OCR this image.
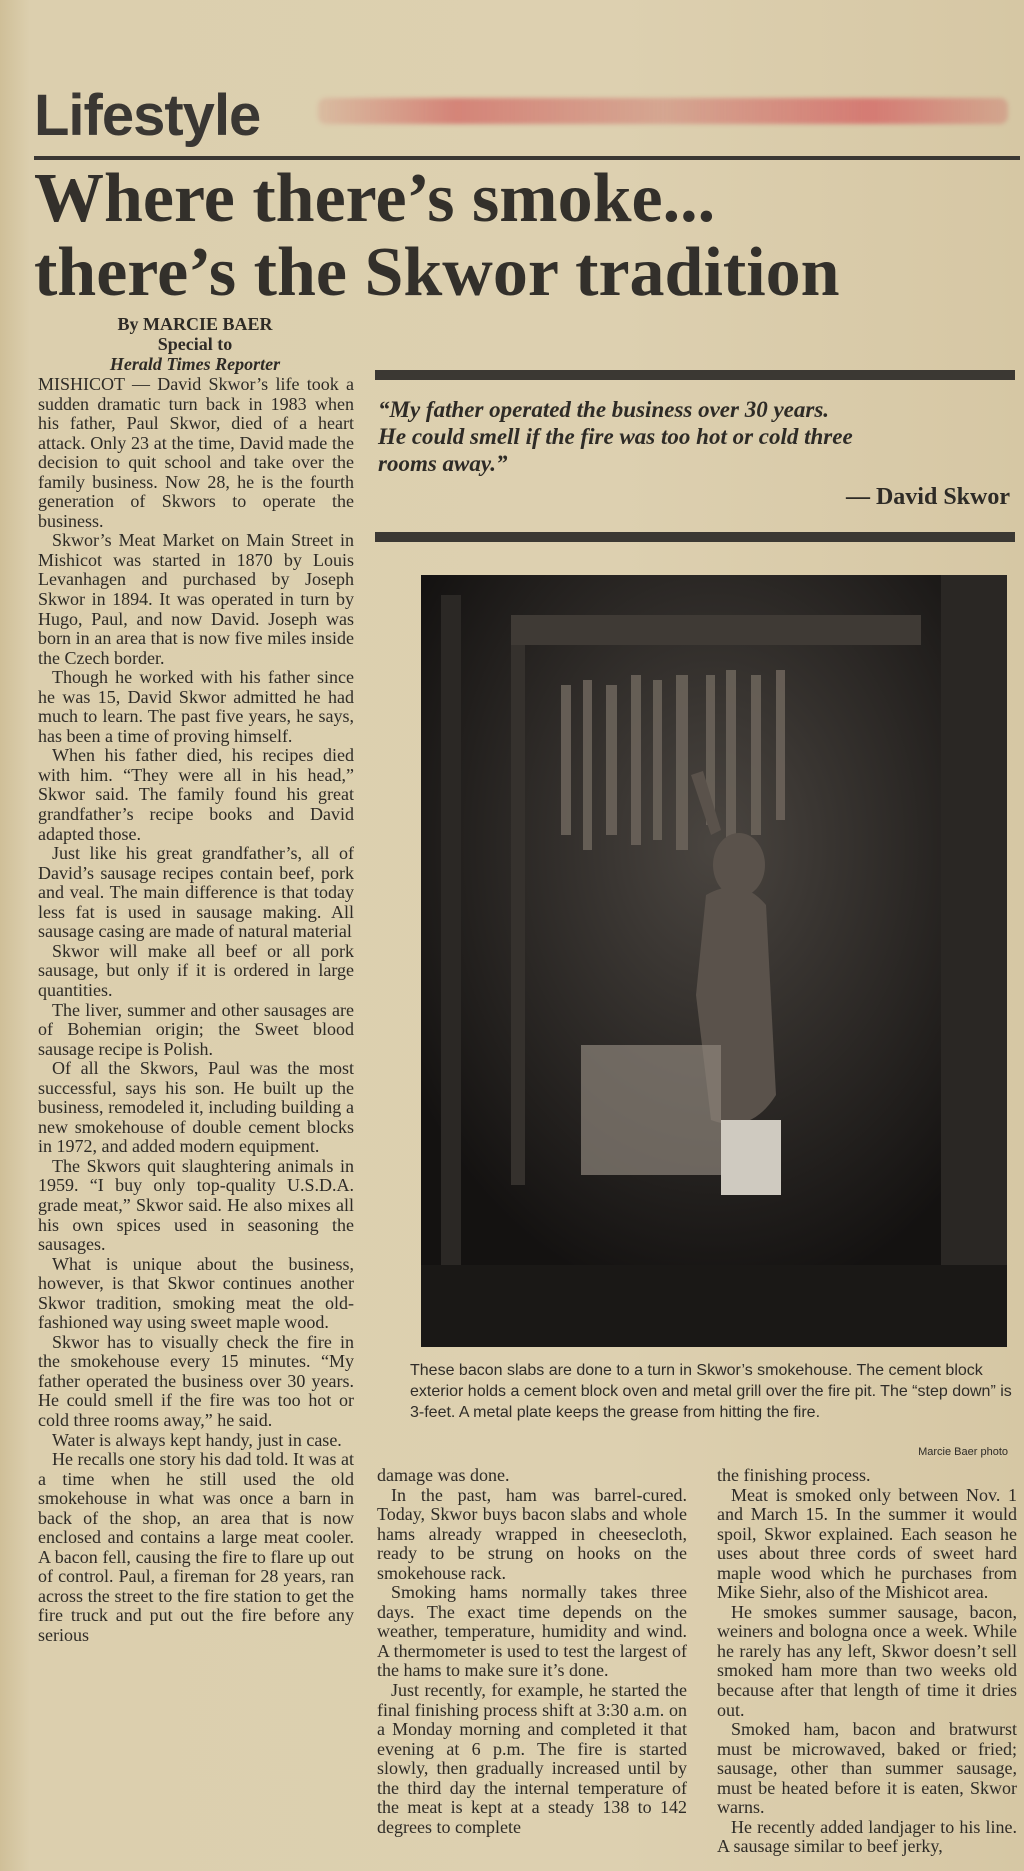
Lifestyle
Where there’s smoke...
there’s the Skwor tradition
By MARCIE BAER
Special to
Herald Times Reporter

MISHICOT — David Skwor’s life took a sudden dramatic turn back in 1983 when his father, Paul Skwor, died of a heart attack. Only 23 at the time, David made the decision to quit school and take over the family business. Now 28, he is the fourth generation of Skwors to operate the business.

Skwor’s Meat Market on Main Street in Mishicot was started in 1870 by Louis Levanhagen and purchased by Joseph Skwor in 1894. It was operated in turn by Hugo, Paul, and now David. Joseph was born in an area that is now five miles inside the Czech border.

Though he worked with his father since he was 15, David Skwor admitted he had much to learn. The past five years, he says, has been a time of proving himself.

When his father died, his recipes died with him. “They were all in his head,” Skwor said. The family found his great grandfather’s recipe books and David adapted those.

Just like his great grandfather’s, all of David’s sausage recipes contain beef, pork and veal. The main difference is that today less fat is used in sausage making. All sausage casing are made of natural material

Skwor will make all beef or all pork sausage, but only if it is ordered in large quantities.

The liver, summer and other sausages are of Bohemian origin; the Sweet blood sausage recipe is Polish.

Of all the Skwors, Paul was the most successful, says his son. He built up the business, remodeled it, including building a new smokehouse of double cement blocks in 1972, and added modern equipment.

The Skwors quit slaughtering animals in 1959. “I buy only top-quality U.S.D.A. grade meat,” Skwor said. He also mixes all his own spices used in seasoning the sausages.

What is unique about the business, however, is that Skwor continues another Skwor tradition, smoking meat the old-fashioned way using sweet maple wood.

Skwor has to visually check the fire in the smokehouse every 15 minutes. “My father operated the business over 30 years. He could smell if the fire was too hot or cold three rooms away,” he said.

Water is always kept handy, just in case.

He recalls one story his dad told. It was at a time when he still used the old smokehouse in what was once a barn in back of the shop, an area that is now enclosed and contains a large meat cooler. A bacon fell, causing the fire to flare up out of control. Paul, a fireman for 28 years, ran across the street to the fire station to get the fire truck and put out the fire before any serious

“My father operated the business over 30 years.
He could smell if the fire was too hot or cold three
rooms away.”
— David Skwor
These bacon slabs are done to a turn in Skwor’s smokehouse. The cement block exterior holds a cement block oven and metal grill over the fire pit. The “step down” is 3-feet. A metal plate keeps the grease from hitting the fire.
Marcie Baer photo

damage was done.

In the past, ham was barrel-cured. Today, Skwor buys bacon slabs and whole hams already wrapped in cheesecloth, ready to be strung on hooks on the smokehouse rack.

Smoking hams normally takes three days. The exact time depends on the weather, temperature, humidity and wind. A thermometer is used to test the largest of the hams to make sure it’s done.

Just recently, for example, he started the final finishing process shift at 3:30 a.m. on a Monday morning and completed it that evening at 6 p.m. The fire is started slowly, then gradually increased until by the third day the internal temperature of the meat is kept at a steady 138 to 142 degrees to complete

the finishing process.

Meat is smoked only between Nov. 1 and March 15. In the summer it would spoil, Skwor explained. Each season he uses about three cords of sweet hard maple wood which he purchases from Mike Siehr, also of the Mishicot area.

He smokes summer sausage, bacon, weiners and bologna once a week. While he rarely has any left, Skwor doesn’t sell smoked ham more than two weeks old because after that length of time it dries out.

Smoked ham, bacon and bratwurst must be microwaved, baked or fried; sausage, other than summer sausage, must be heated before it is eaten, Skwor warns.

He recently added landjager to his line. A sausage similar to beef jerky,
